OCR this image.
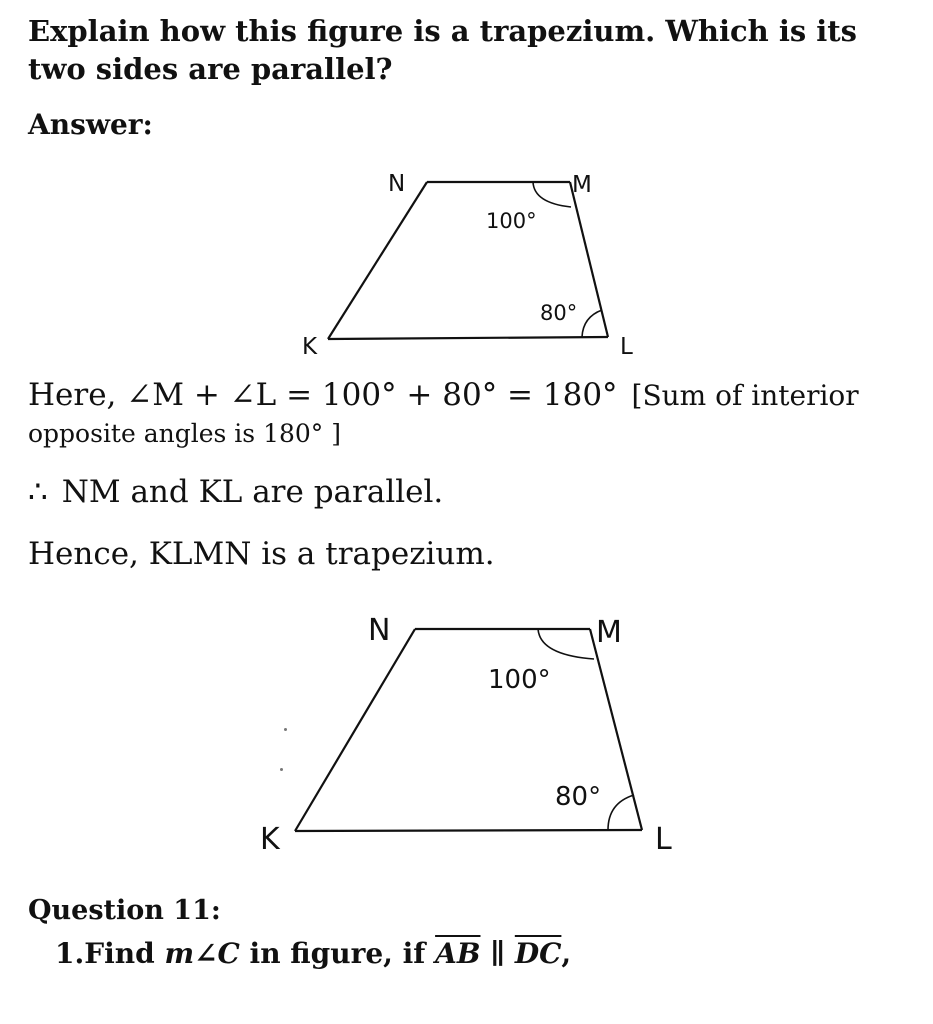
Explain how this figure is a trapezium. Which is its two sides are parallel?

Answer:

N	M
K	L
100°
80°

Here, ∠M + ∠L = 100° + 80° = 180° [Sum of interior

opposite angles is 180° ]

∴ NM and KL are parallel.

Hence, KLMN is a trapezium.

N	M
K	L
100°
80°

Question 11:

1.Find m∠C in figure, if $\overline{AB}$ ∥ $\overline{DC}$,
